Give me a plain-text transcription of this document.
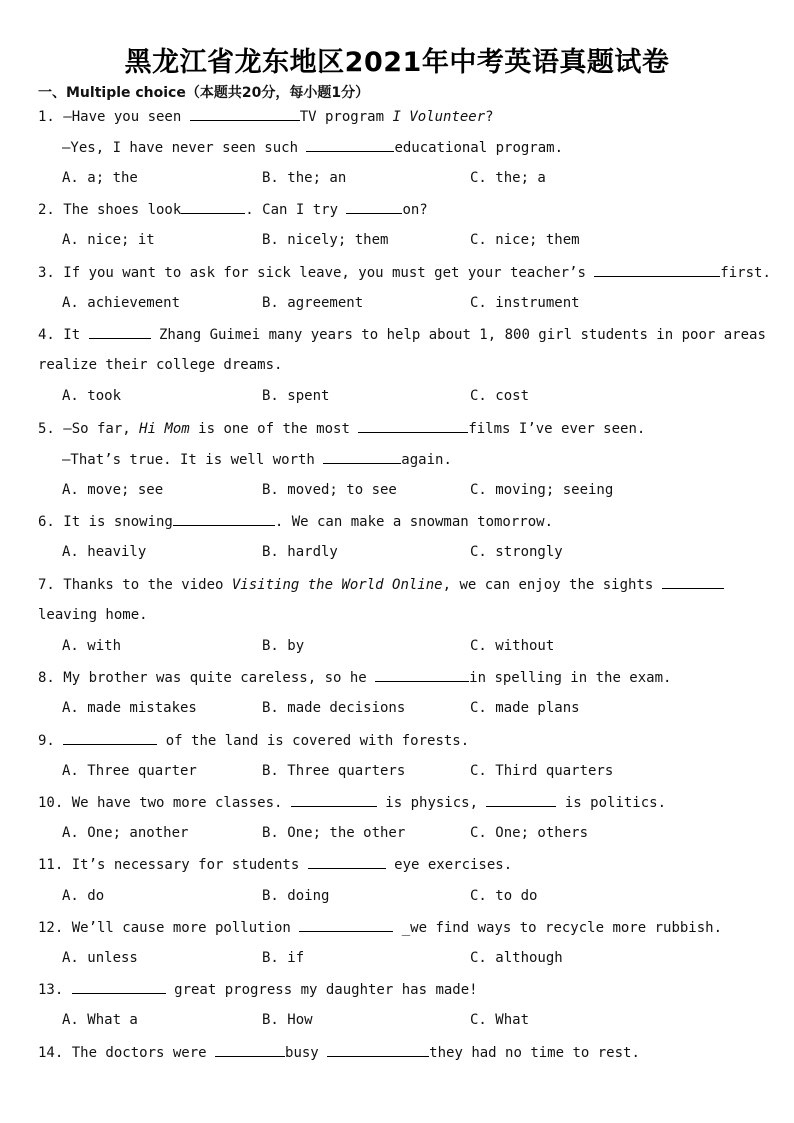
黑龙江省龙东地区2021年中考英语真题试卷
一、Multiple choice（本题共20分，每小题1分）
1. —Have you seen	TV program I Volunteer?
—Yes, I have never seen such	educational program.
A. a; the	B. the; an	C. the; a
2. The shoes look	. Can I try	on?
A. nice; it	B. nicely; them	C. nice; them
3. If you want to ask for sick leave, you must get your teacher’s	first.
A. achievement	B. agreement	C. instrument
4. It	Zhang Guimei many years to help about 1, 800 girl students in poor areas
realize their college dreams.
A. took	B. spent	C. cost
5. —So far, Hi Mom is one of the most	films I’ve ever seen.
—That’s true. It is well worth	again.
A. move; see	B. moved; to see	C. moving; seeing
6. It is snowing	. We can make a snowman tomorrow.
A. heavily	B. hardly	C. strongly
7. Thanks to the video Visiting the World Online, we can enjoy the sights
leaving home.
A. with	B. by	C. without
8. My brother was quite careless, so he	in spelling in the exam.
A. made mistakes	B. made decisions	C. made plans
9.	of the land is covered with forests.
A. Three quarter	B. Three quarters	C. Third quarters
10. We have two more classes.	is physics,	is politics.
A. One; another	B. One; the other	C. One; others
11. It’s necessary for students	eye exercises.
A. do	B. doing	C. to do
12. We’ll cause more pollution	_we find ways to recycle more rubbish.
A. unless	B. if	C. although
13.	great progress my daughter has made!
A. What a	B. How	C. What
14. The doctors were	busy	they had no time to rest.
